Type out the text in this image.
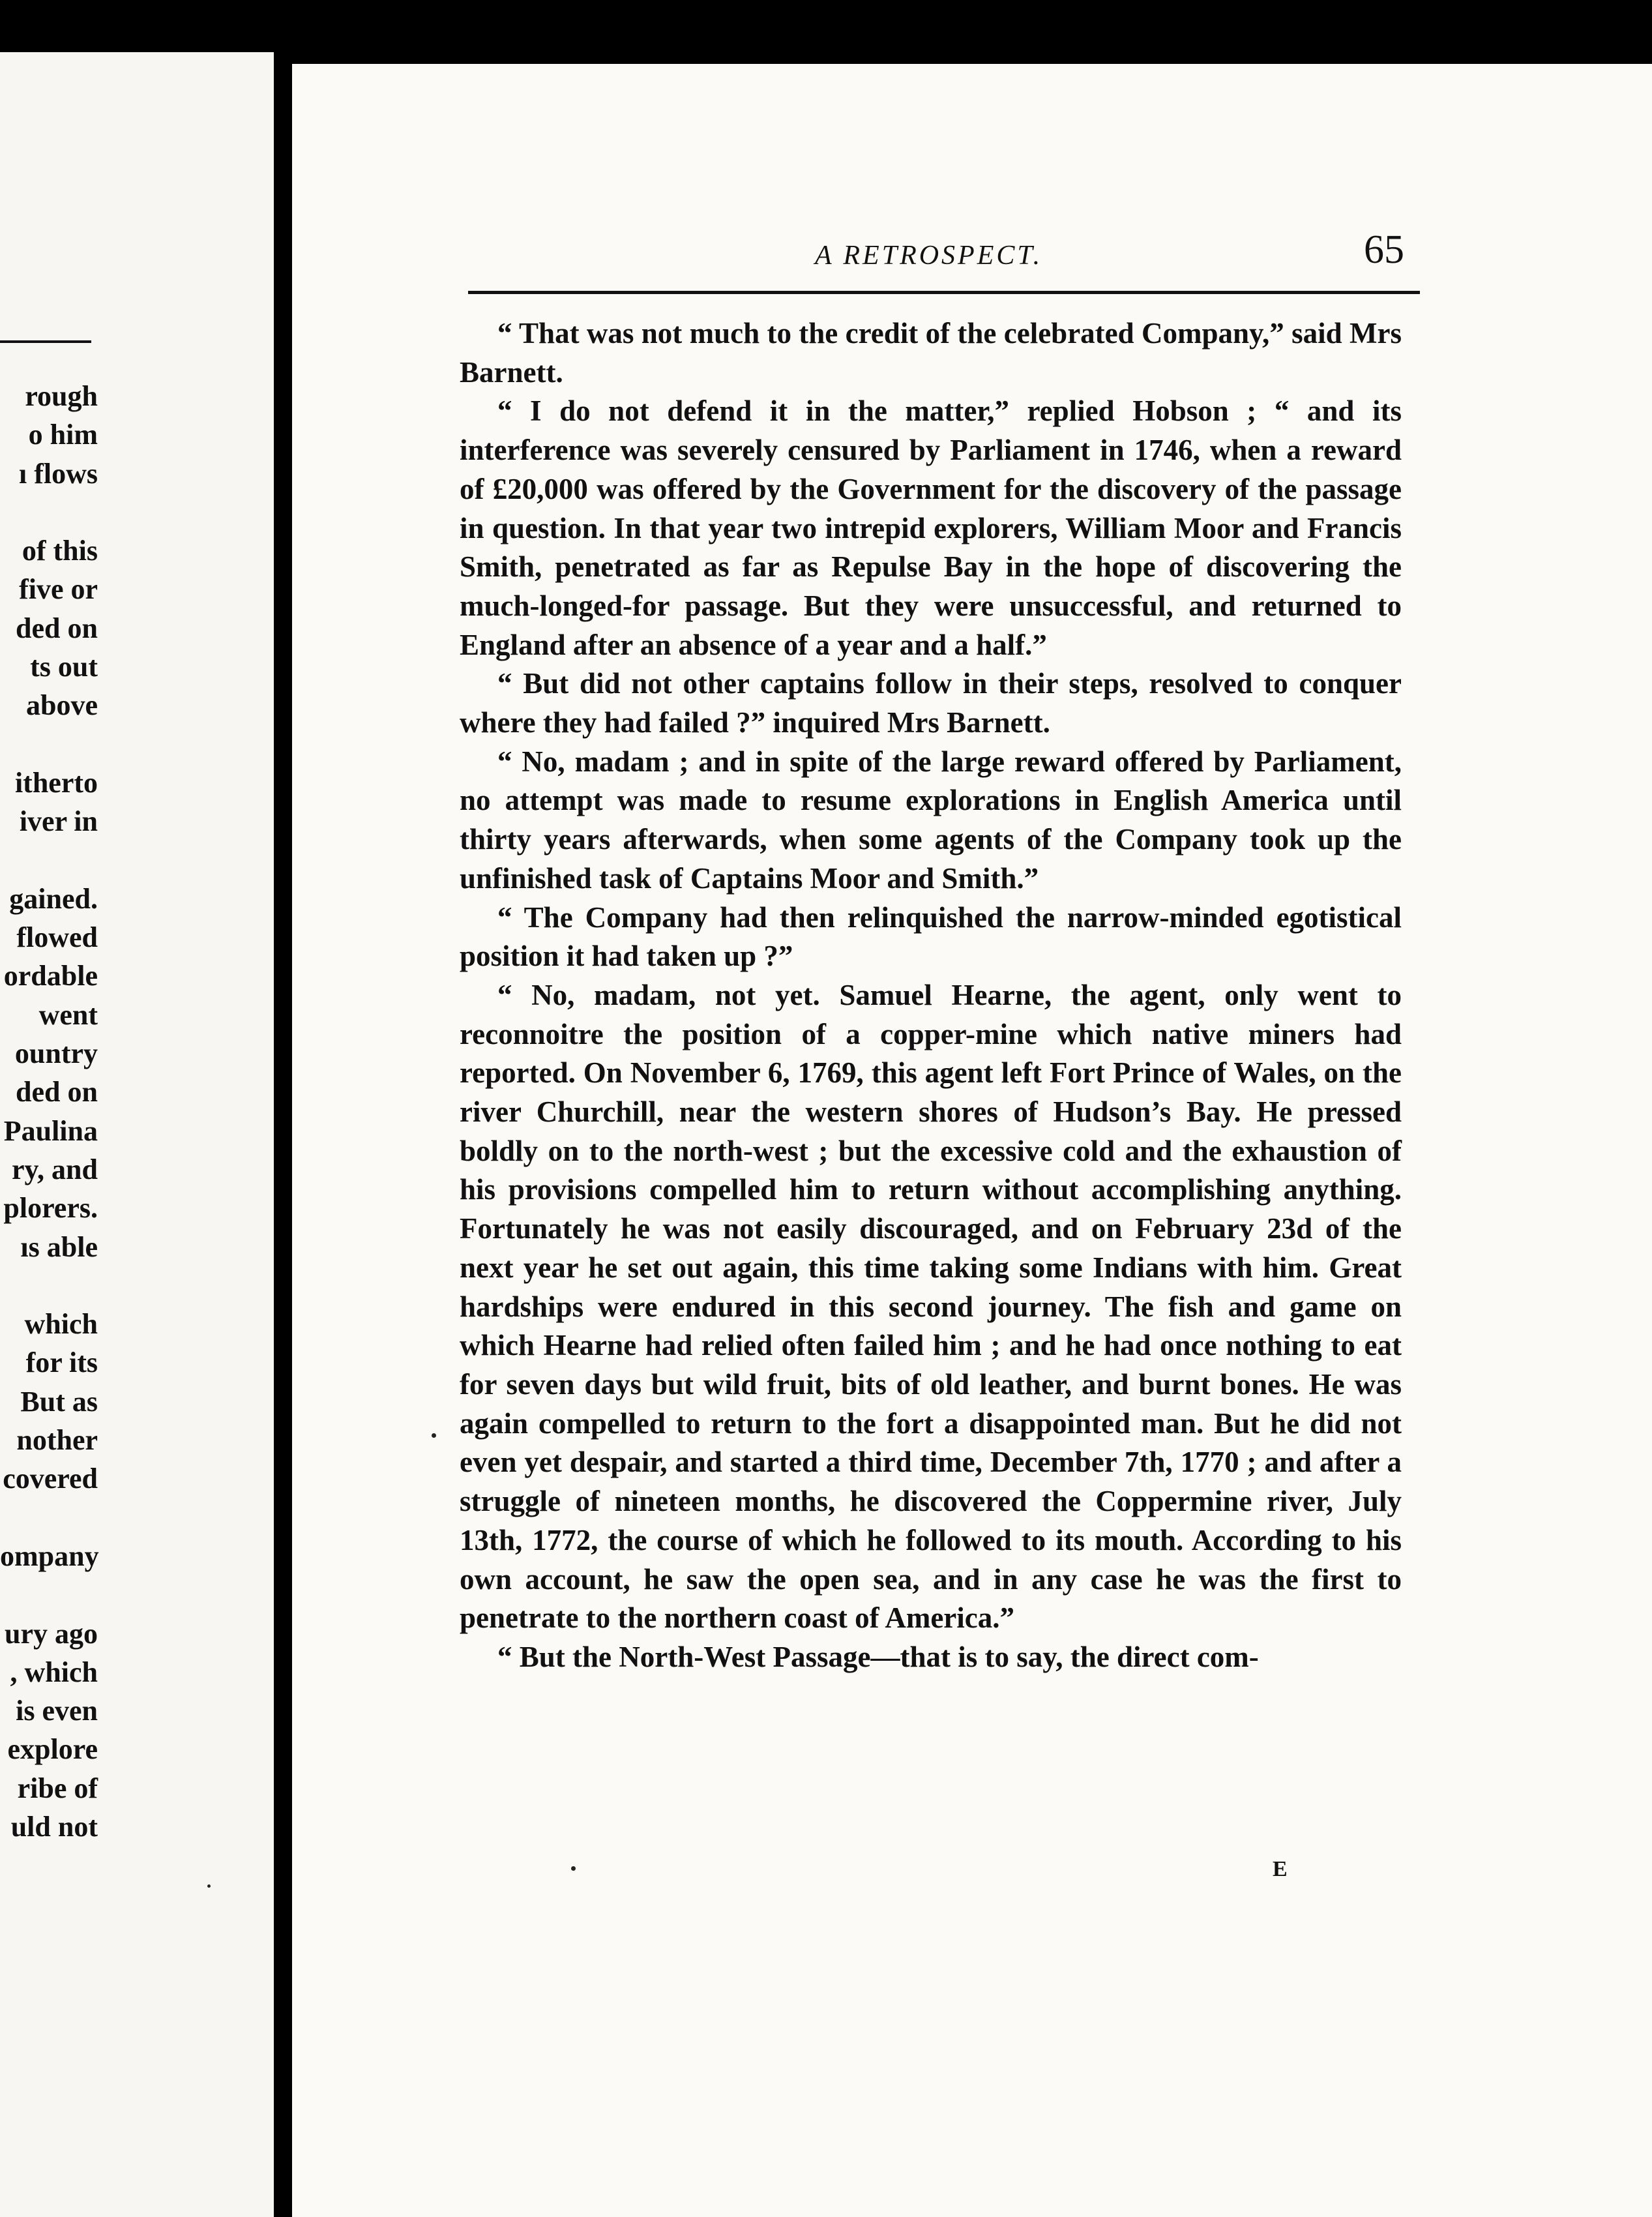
rough
o him
ı flows
of this
five or
ded on
ts out
above
itherto
iver in
gained.
flowed
ordable
went
ountry
ded on
Paulina
ry, and
plorers.
ıs able
which
for its
But as
nother
covered
ompany
ury ago
, which
is even
explore
ribe of
uld not
A RETROSPECT.	65

“ That was not much to the credit of the celebrated Company,” said Mrs Barnett.

“ I do not defend it in the matter,” replied Hobson ; “ and its interference was severely censured by Parliament in 1746, when a reward of £20,000 was offered by the Government for the discovery of the passage in question. In that year two intrepid explorers, William Moor and Francis Smith, penetrated as far as Repulse Bay in the hope of discovering the much-longed-for passage. But they were unsuccessful, and returned to England after an absence of a year and a half.”

“ But did not other captains follow in their steps, resolved to conquer where they had failed ?” inquired Mrs Barnett.

“ No, madam ; and in spite of the large reward offered by Parliament, no attempt was made to resume explorations in English America until thirty years afterwards, when some agents of the Company took up the unfinished task of Captains Moor and Smith.”

“ The Company had then relinquished the narrow-minded egotistical position it had taken up ?”

“ No, madam, not yet. Samuel Hearne, the agent, only went to reconnoitre the position of a copper-mine which native miners had reported. On November 6, 1769, this agent left Fort Prince of Wales, on the river Churchill, near the western shores of Hudson’s Bay. He pressed boldly on to the north-west ; but the excessive cold and the exhaustion of his provisions compelled him to return without accomplishing anything. Fortunately he was not easily discouraged, and on February 23d of the next year he set out again, this time taking some Indians with him. Great hardships were endured in this second journey. The fish and game on which Hearne had relied often failed him ; and he had once nothing to eat for seven days but wild fruit, bits of old leather, and burnt bones. He was again compelled to return to the fort a disappointed man. But he did not even yet despair, and started a third time, December 7th, 1770 ; and after a struggle of nineteen months, he discovered the Coppermine river, July 13th, 1772, the course of which he followed to its mouth. According to his own account, he saw the open sea, and in any case he was the first to penetrate to the northern coast of America.”

“ But the North-West Passage—that is to say, the direct com-

E
